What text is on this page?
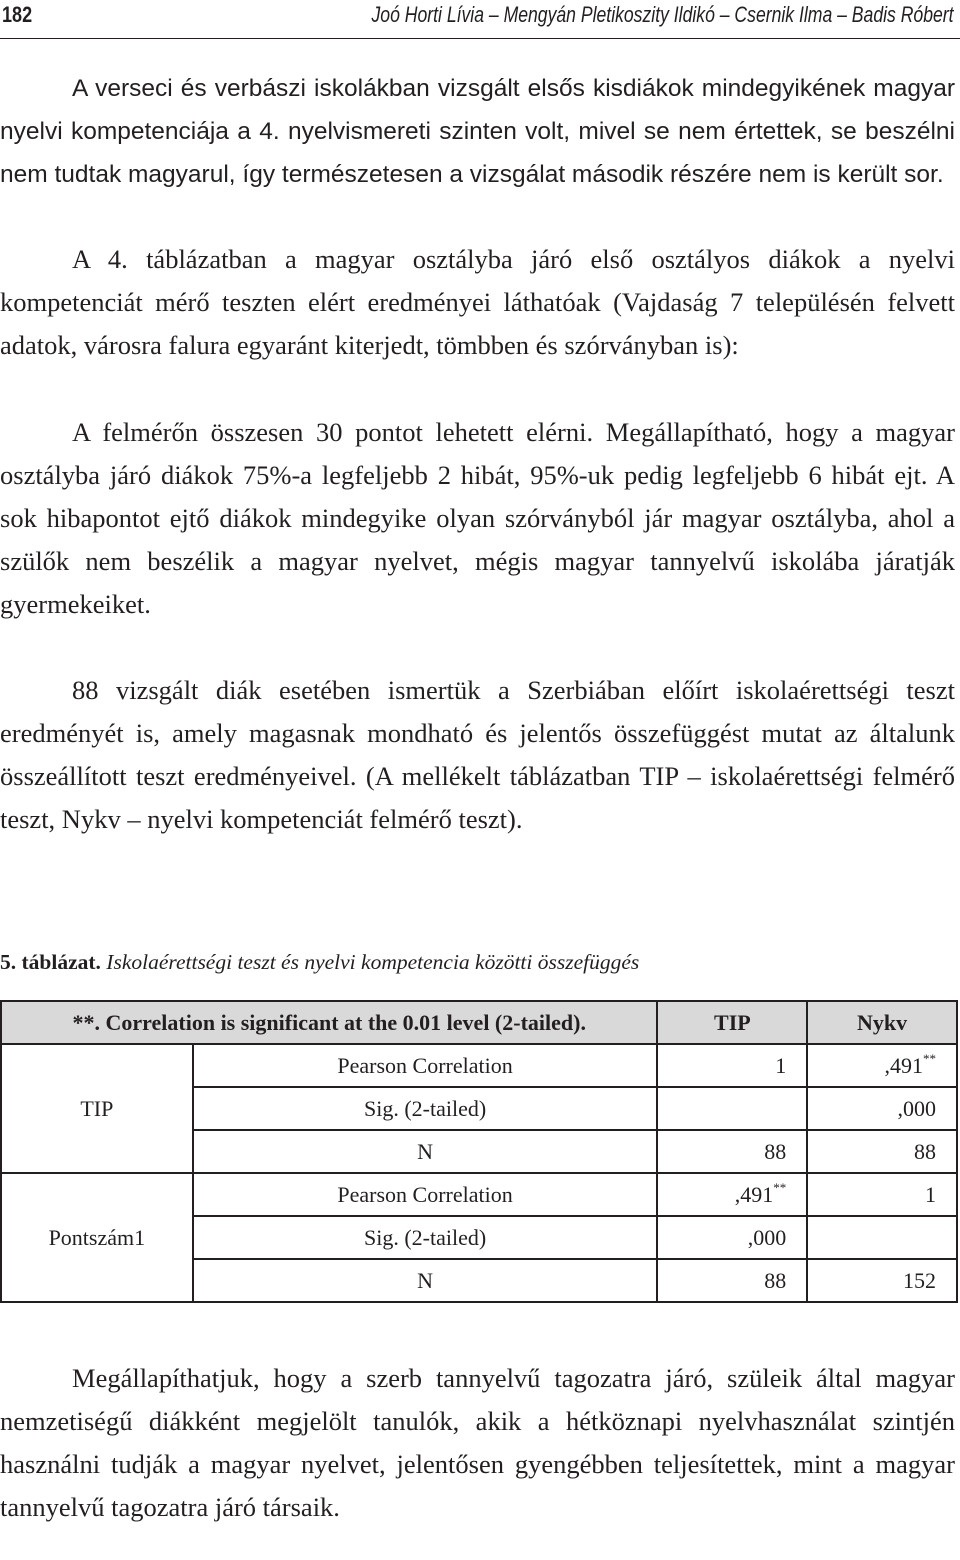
182	Joó Horti Lívia – Mengyán Pletikoszity Ildikó – Csernik Ilma – Badis Róbert

A verseci és verbászi iskolákban vizsgált elsős kisdiákok mindegyikének magyar nyelvi kompetenciája a 4. nyelvismereti szinten volt, mivel se nem értettek, se beszélni nem tudtak magyarul, így természetesen a vizsgálat második részére nem is került sor.

A 4. táblázatban a magyar osztályba járó első osztályos diákok a nyelvi kompetenciát mérő teszten elért eredményei láthatóak (Vajdaság 7 településén felvett adatok, városra falura egyaránt kiterjedt, tömbben és szórványban is):

A felmérőn összesen 30 pontot lehetett elérni. Megállapítható, hogy a magyar osztályba járó diákok 75%-a legfeljebb 2 hibát, 95%-uk pedig legfeljebb 6 hibát ejt. A sok hibapontot ejtő diákok mindegyike olyan szórványból jár magyar osztályba, ahol a szülők nem beszélik a magyar nyelvet, mégis magyar tannyelvű iskolába járatják gyermekeiket.

88 vizsgált diák esetében ismertük a Szerbiában előírt iskolaérettségi teszt eredményét is, amely magasnak mondható és jelentős összefüggést mutat az általunk összeállított teszt eredményeivel. (A mellékelt táblázatban TIP – iskolaérettségi felmérő teszt, Nykv – nyelvi kompetenciát felmérő teszt).

5. táblázat. Iskolaérettségi teszt és nyelvi kompetencia közötti összefüggés
**. Correlation is significant at the 0.01 level (2-tailed).		TIP	Nykv
TIP	Pearson Correlation	1	,491**
	Sig. (2-tailed)		,000
	N	88	88
Pontszám1	Pearson Correlation	,491**	1
	Sig. (2-tailed)	,000	
	N	88	152

Megállapíthatjuk, hogy a szerb tannyelvű tagozatra járó, szüleik által magyar nemzetiségű diákként megjelölt tanulók, akik a hétköznapi nyelvhasználat szintjén használni tudják a magyar nyelvet, jelentősen gyengébben teljesítettek, mint a magyar tannyelvű tagozatra járó társaik.
